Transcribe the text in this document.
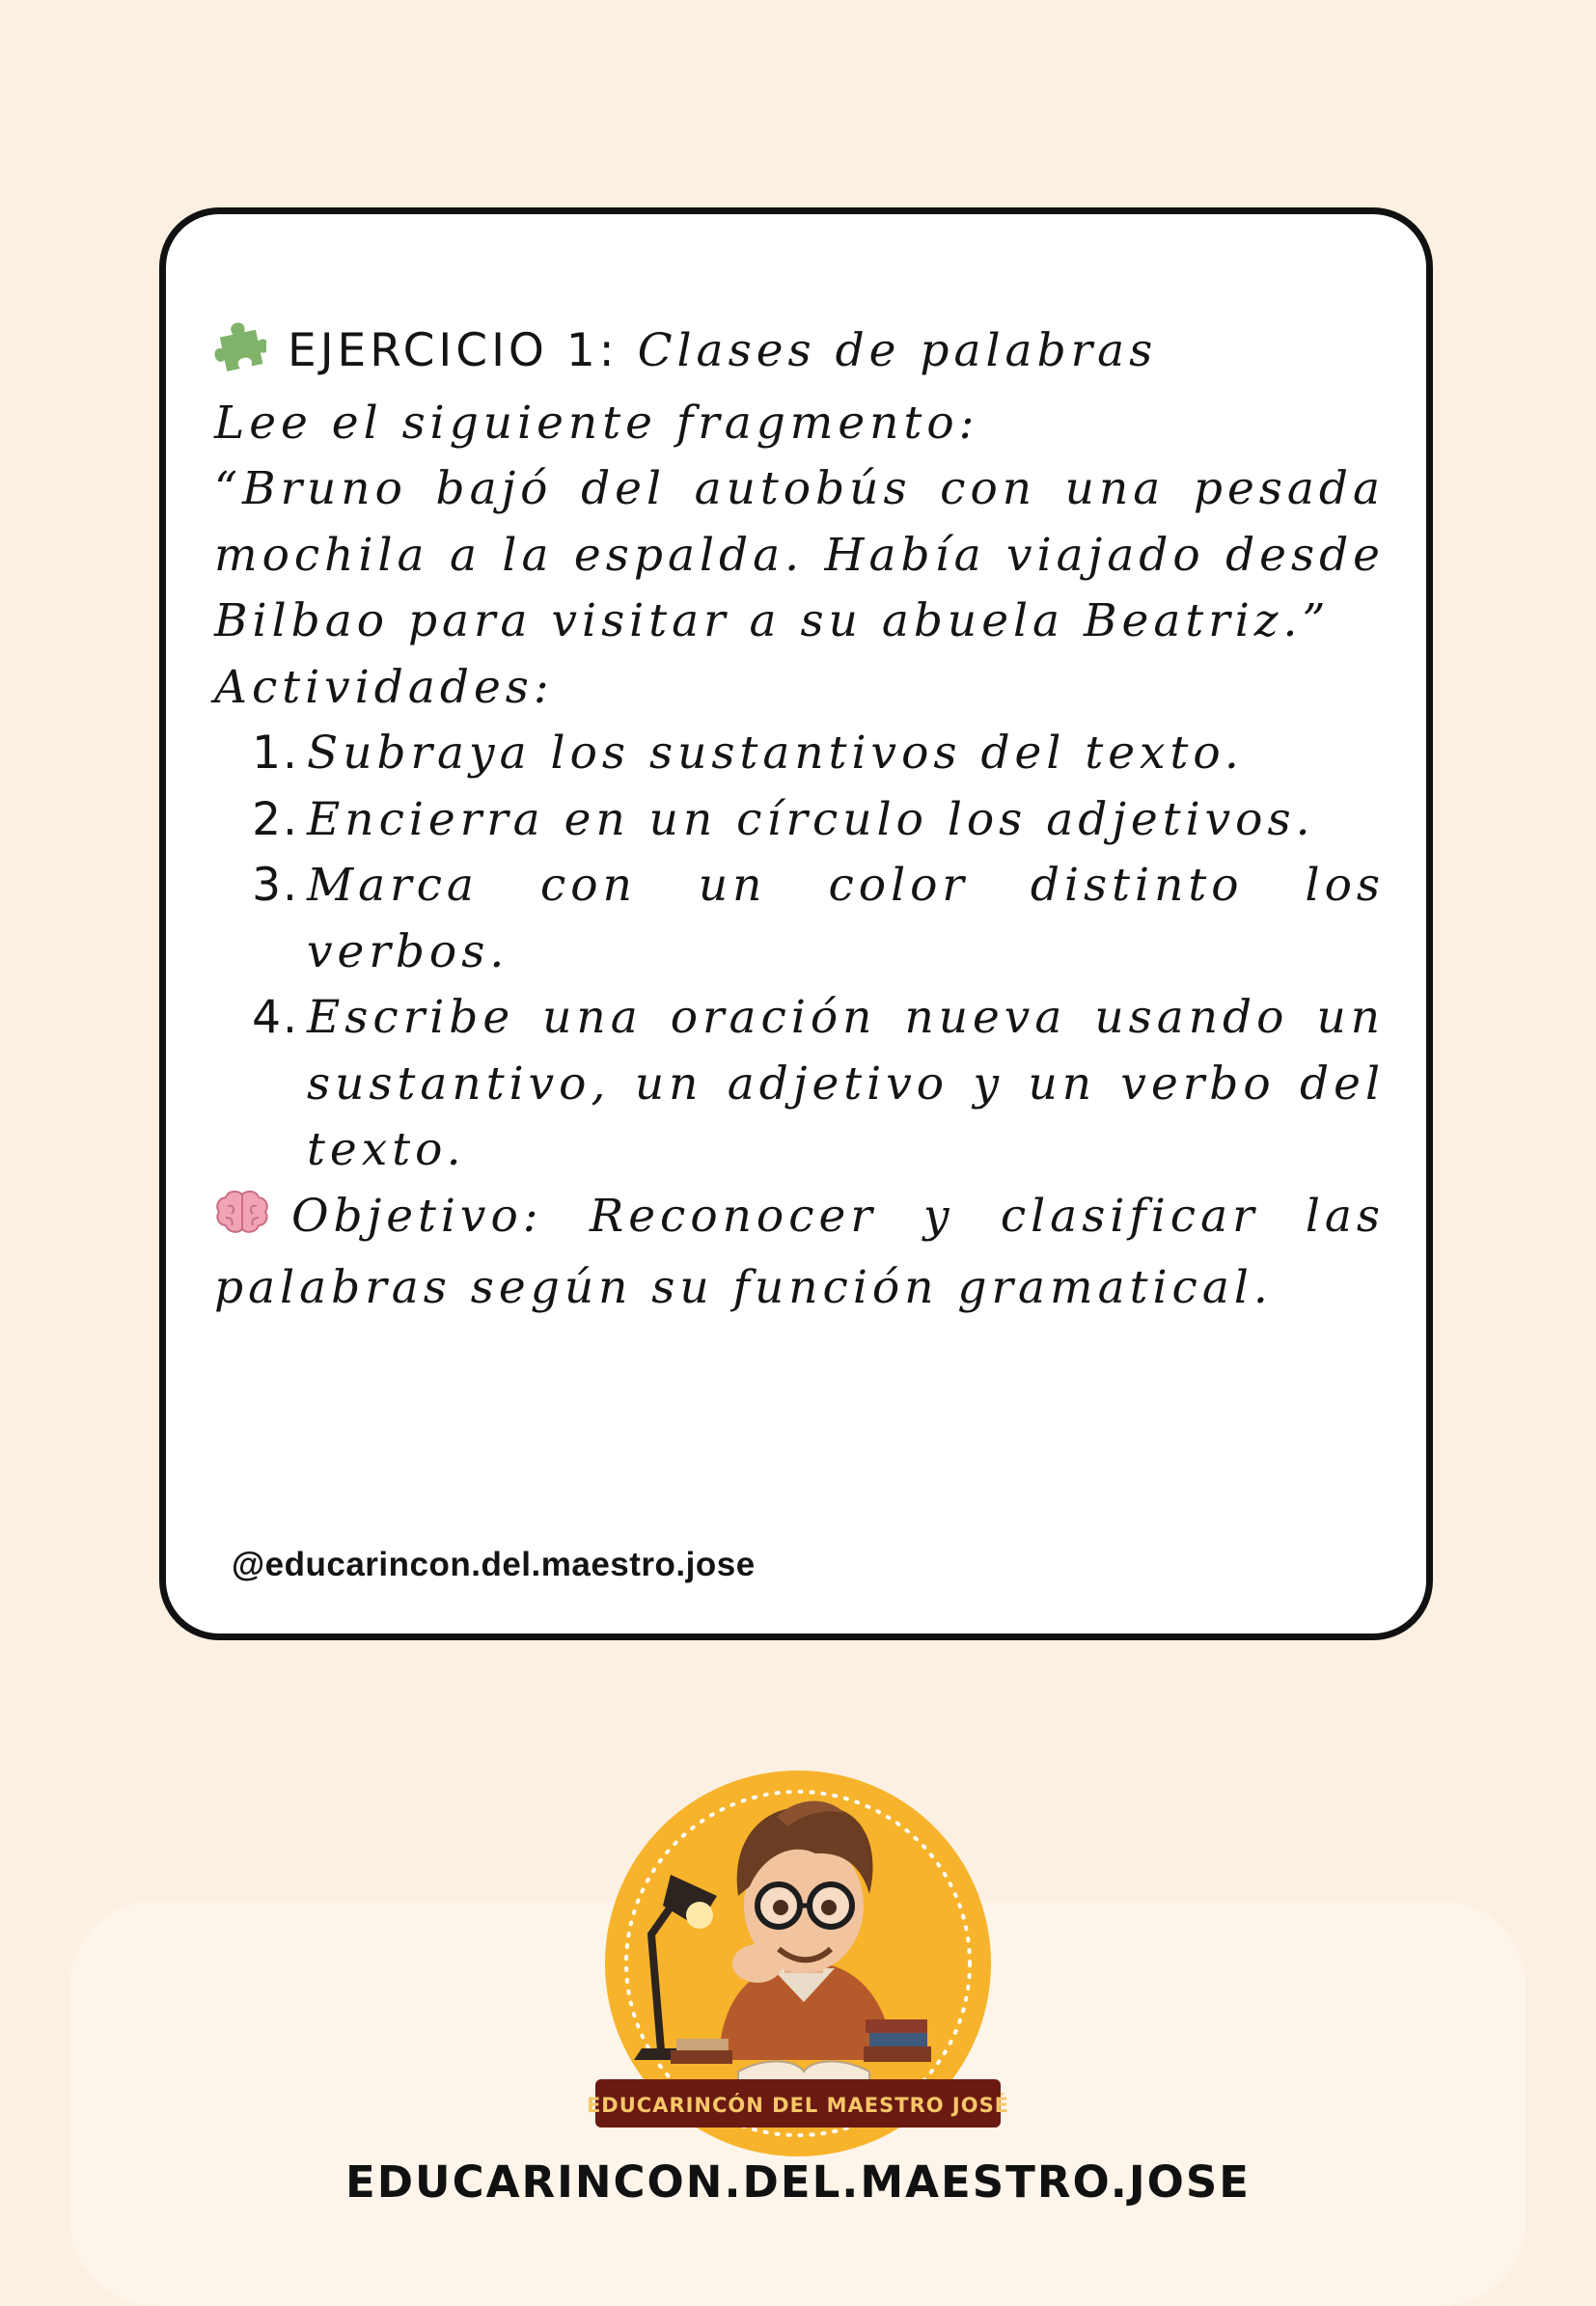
EJERCICIO 1: Clases de palabras

Lee el siguiente fragmento:

“Bruno bajó del autobús con una pesada mochila a la espalda. Había viajado desde Bilbao para visitar a su abuela Beatriz.”

Actividades:

1. Subraya los sustantivos del texto.
2. Encierra en un círculo los adjetivos.
3. Marca con un color distinto los verbos.
4. Escribe una oración nueva usando un sustantivo, un adjetivo y un verbo del texto.

Objetivo: Reconocer y clasificar las palabras según su función gramatical.

@educarincon.del.maestro.jose
EDUCARINCÓN DEL MAESTRO JOSÉ
EDUCARINCON.DEL.MAESTRO.JOSE
